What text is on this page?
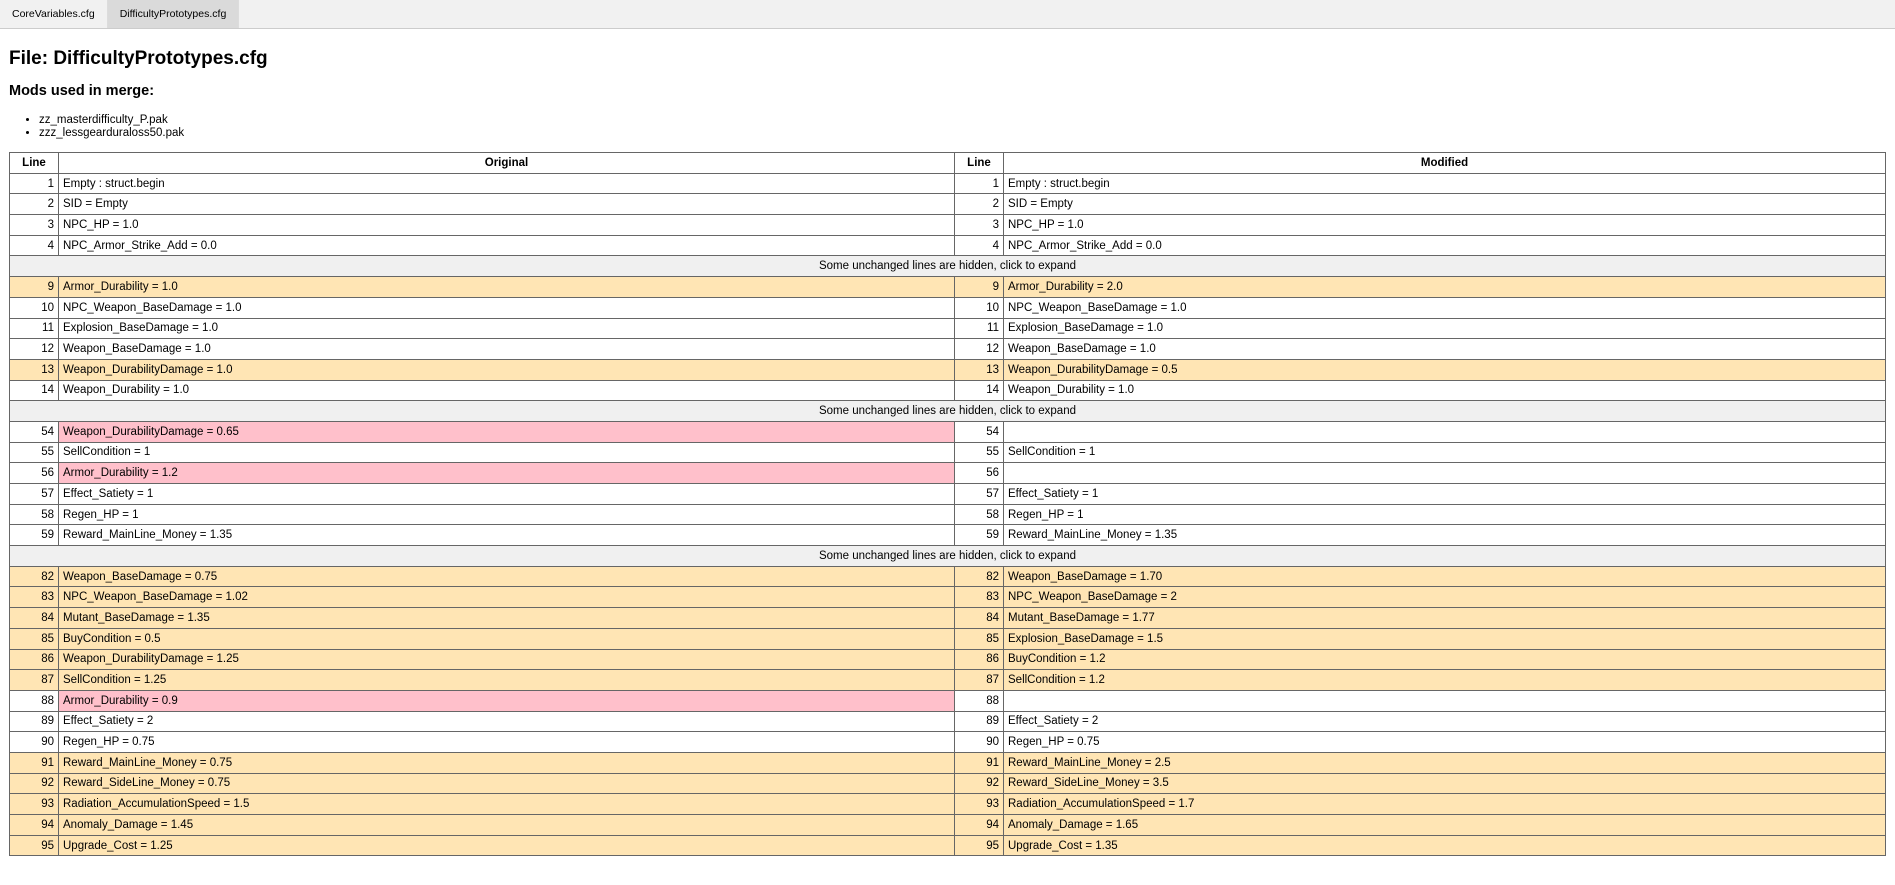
CoreVariables.cfg	DifficultyPrototypes.cfg
File: DifficultyPrototypes.cfg
Mods used in merge:
• zz_masterdifficulty_P.pak
• zzz_lessgearduraloss50.pak
Line	Original	Line	Modified
1	Empty : struct.begin	1	Empty : struct.begin
2	SID = Empty	2	SID = Empty
3	NPC_HP = 1.0	3	NPC_HP = 1.0
4	NPC_Armor_Strike_Add = 0.0	4	NPC_Armor_Strike_Add = 0.0
Some unchanged lines are hidden, click to expand			
9	Armor_Durability = 1.0	9	Armor_Durability = 2.0
10	NPC_Weapon_BaseDamage = 1.0	10	NPC_Weapon_BaseDamage = 1.0
11	Explosion_BaseDamage = 1.0	11	Explosion_BaseDamage = 1.0
12	Weapon_BaseDamage = 1.0	12	Weapon_BaseDamage = 1.0
13	Weapon_DurabilityDamage = 1.0	13	Weapon_DurabilityDamage = 0.5
14	Weapon_Durability = 1.0	14	Weapon_Durability = 1.0
Some unchanged lines are hidden, click to expand			
54	Weapon_DurabilityDamage = 0.65	54	
55	SellCondition = 1	55	SellCondition = 1
56	Armor_Durability = 1.2	56	
57	Effect_Satiety = 1	57	Effect_Satiety = 1
58	Regen_HP = 1	58	Regen_HP = 1
59	Reward_MainLine_Money = 1.35	59	Reward_MainLine_Money = 1.35
Some unchanged lines are hidden, click to expand			
82	Weapon_BaseDamage = 0.75	82	Weapon_BaseDamage = 1.70
83	NPC_Weapon_BaseDamage = 1.02	83	NPC_Weapon_BaseDamage = 2
84	Mutant_BaseDamage = 1.35	84	Mutant_BaseDamage = 1.77
85	BuyCondition = 0.5	85	Explosion_BaseDamage = 1.5
86	Weapon_DurabilityDamage = 1.25	86	BuyCondition = 1.2
87	SellCondition = 1.25	87	SellCondition = 1.2
88	Armor_Durability = 0.9	88	
89	Effect_Satiety = 2	89	Effect_Satiety = 2
90	Regen_HP = 0.75	90	Regen_HP = 0.75
91	Reward_MainLine_Money = 0.75	91	Reward_MainLine_Money = 2.5
92	Reward_SideLine_Money = 0.75	92	Reward_SideLine_Money = 3.5
93	Radiation_AccumulationSpeed = 1.5	93	Radiation_AccumulationSpeed = 1.7
94	Anomaly_Damage = 1.45	94	Anomaly_Damage = 1.65
95	Upgrade_Cost = 1.25	95	Upgrade_Cost = 1.35
